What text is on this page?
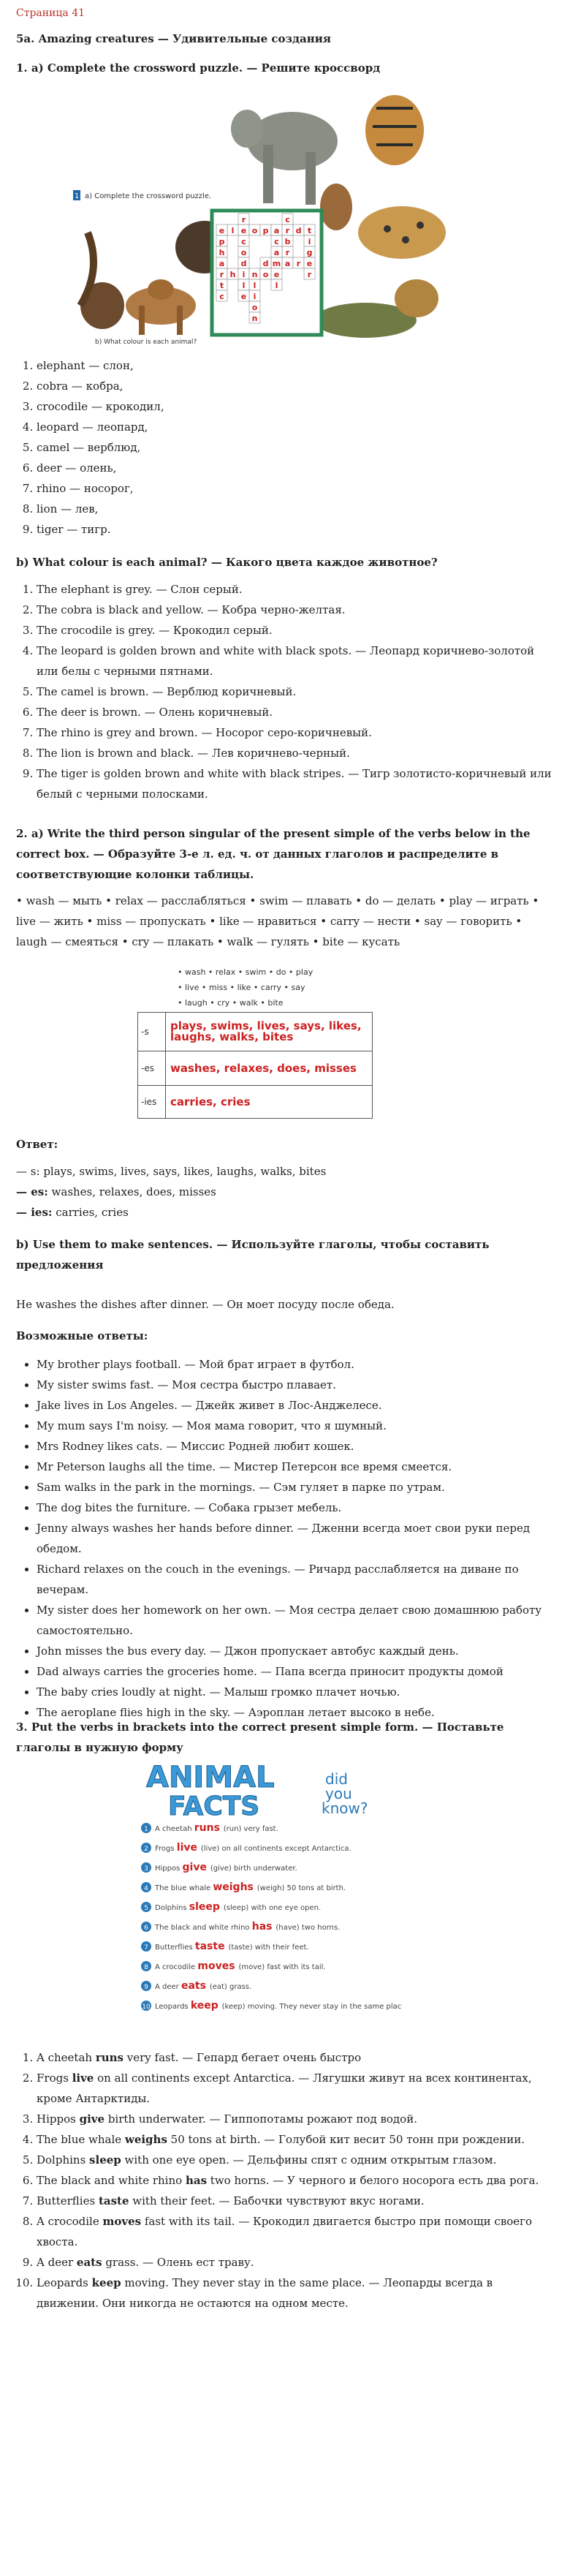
Страница 41
5a. Amazing creatures — Удивительные создания
1. a) Complete the crossword puzzle. — Решите кроссворд
1 a) Complete the crossword puzzle.
b) What colour is each animal?
l e o p a r d
c
b
r
a
c
a
m
e
l
d	r
r h i n o
l
i
o
n
t
i
g
e
r
e
p
h
a
t
c
r
c
o
d
l
e
1. elephant — слон,
2. cobra — кобра,
3. crocodile — крокодил,
4. leopard — леопард,
5. camel — верблюд,
6. deer — олень,
7. rhino — носорог,
8. lion — лев,
9. tiger — тигр.
b) What colour is each animal? — Какого цвета каждое животное?
1. The elephant is grey. — Слон серый.
2. The cobra is black and yellow. — Кобра черно-желтая.
3. The crocodile is grey. — Крокодил серый.
4. The leopard is golden brown and white with black spots. — Леопард коричнево-золотой или белы с черными пятнами.
5. The camel is brown. — Верблюд коричневый.
6. The deer is brown. — Олень коричневый.
7. The rhino is grey and brown. — Носорог серо-коричневый.
8. The lion is brown and black. — Лев коричнево-черный.
9. The tiger is golden brown and white with black stripes. — Тигр золотисто-коричневый или белый с черными полосками.
2. a) Write the third person singular of the present simple of the verbs below in the correct box. — Образуйте 3-е л. ед. ч. от данных глаголов и распределите в соответствующие колонки таблицы.

• wash — мыть • relax — расслабляться • swim — плавать • do — делать • play — играть • live — жить • miss — пропускать • like — нравиться • carry — нести • say — говорить • laugh — смеяться • cry — плакать • walk — гулять • bite — кусать

• wash • relax • swim • do • play
• live • miss • like • carry • say
• laugh • cry • walk • bite
-s	plays, swims, lives, says, likes, laughs, walks, bites
-es	washes, relaxes, does, misses
-ies	carries, cries
Ответ:
— s: plays, swims, lives, says, likes, laughs, walks, bites
— es: washes, relaxes, does, misses
— ies: carries, cries
b) Use them to make sentences. — Используйте глаголы, чтобы составить предложения

He washes the dishes after dinner. — Он моет посуду после обеда.

Возможные ответы:
• My brother plays football. — Мой брат играет в футбол.
• My sister swims fast. — Моя сестра быстро плавает.
• Jake lives in Los Angeles. — Джейк живет в Лос-Анджелесе.
• My mum says I'm noisy. — Моя мама говорит, что я шумный.
• Mrs Rodney likes cats. — Миссис Родней любит кошек.
• Mr Peterson laughs all the time. — Мистер Петерсон все время смеется.
• Sam walks in the park in the mornings. — Сэм гуляет в парке по утрам.
• The dog bites the furniture. — Собака грызет мебель.
• Jenny always washes her hands before dinner. — Дженни всегда моет свои руки перед обедом.
• Richard relaxes on the couch in the evenings. — Ричард расслабляется на диване по вечерам.
• My sister does her homework on her own. — Моя сестра делает свою домашнюю работу самостоятельно.
• John misses the bus every day. — Джон пропускает автобус каждый день.
• Dad always carries the groceries home. — Папа всегда приносит продукты домой
• The baby cries loudly at night. — Малыш громко плачет ночью.
• The aeroplane flies high in the sky. — Аэроплан летает высоко в небе.
3. Put the verbs in brackets into the correct present simple form. — Поставьте глаголы в нужную форму
ANIMAL
FACTS
did
you
know?
1 A cheetah runs (run) very fast.
2 Frogs live (live) on all continents except Antarctica.
3 Hippos give (give) birth underwater.
4 The blue whale weighs (weigh) 50 tons at birth.
5 Dolphins sleep (sleep) with one eye open.
6 The black and white rhino has (have) two horns.
7 Butterflies taste (taste) with their feet.
8 A crocodile moves (move) fast with its tail.
9 A deer eats (eat) grass.
10 Leopards keep (keep) moving. They never stay in the same place.
1. A cheetah runs very fast. — Гепард бегает очень быстро
2. Frogs live on all continents except Antarctica. — Лягушки живут на всех континентах, кроме Антарктиды.
3. Hippos give birth underwater. — Гиппопотамы рожают под водой.
4. The blue whale weighs 50 tons at birth. — Голубой кит весит 50 тонн при рождении.
5. Dolphins sleep with one eye open. — Дельфины спят с одним открытым глазом.
6. The black and white rhino has two horns. — У черного и белого носорога есть два рога.
7. Butterflies taste with their feet. — Бабочки чувствуют вкус ногами.
8. A crocodile moves fast with its tail. — Крокодил двигается быстро при помощи своего хвоста.
9. A deer eats grass. — Олень ест траву.
10. Leopards keep moving. They never stay in the same place. — Леопарды всегда в движении. Они никогда не остаются на одном месте.
